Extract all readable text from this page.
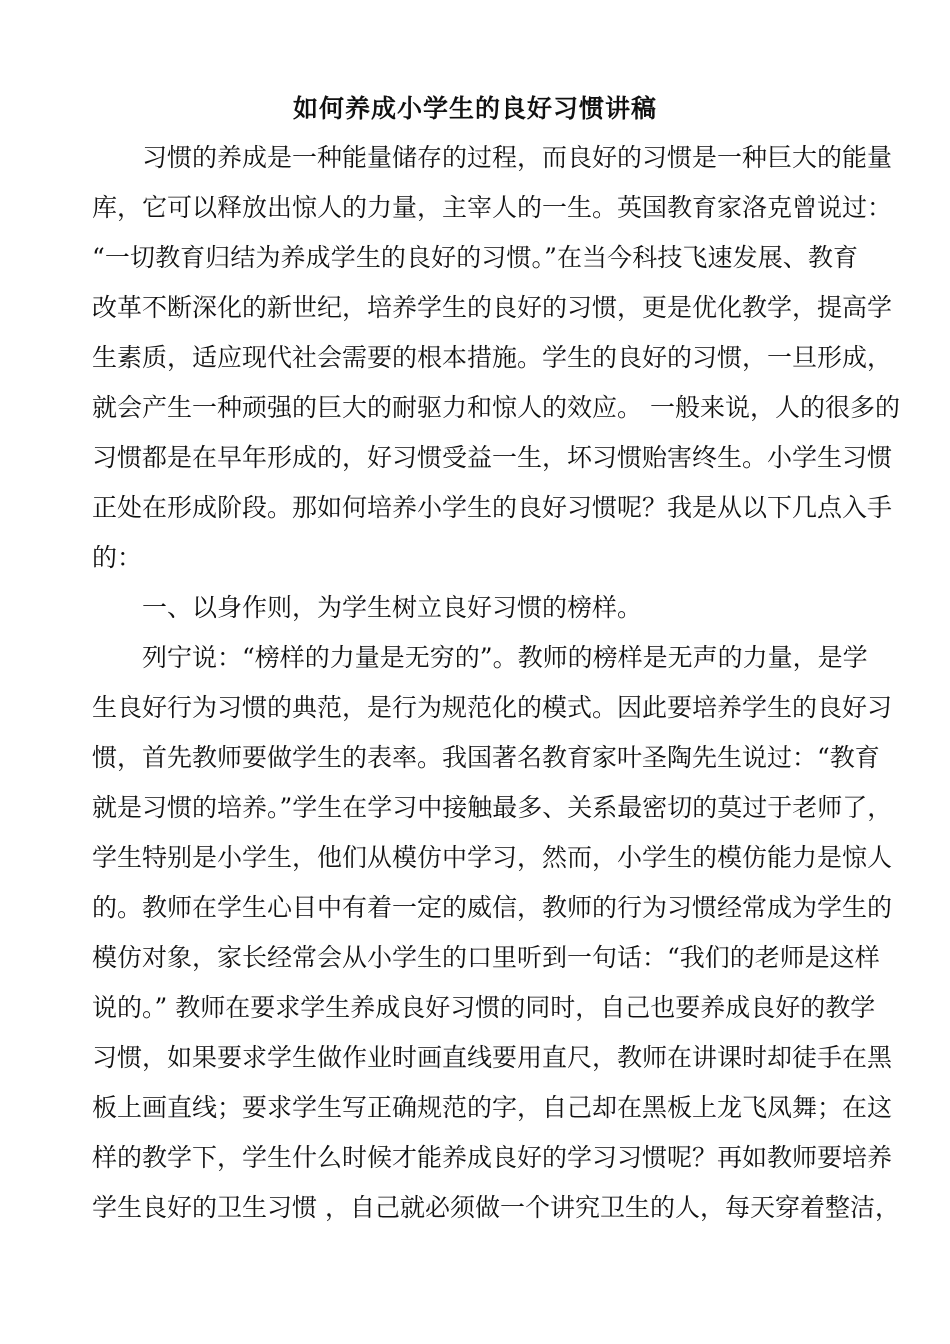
如何养成小学生的良好习惯讲稿

习惯的养成是一种能量储存的过程，而良好的习惯是一种巨大的能量

库，它可以释放出惊人的力量，主宰人的一生。英国教育家洛克曾说过：

“一切教育归结为养成学生的良好的习惯。”在当今科技飞速发展、教育

改革不断深化的新世纪，培养学生的良好的习惯，更是优化教学，提高学

生素质，适应现代社会需要的根本措施。学生的良好的习惯，一旦形成，

就会产生一种顽强的巨大的耐驱力和惊人的效应。 一般来说，人的很多的

习惯都是在早年形成的，好习惯受益一生，坏习惯贻害终生。小学生习惯

正处在形成阶段。那如何培养小学生的良好习惯呢？我是从以下几点入手

的：

一、以身作则，为学生树立良好习惯的榜样。

列宁说：“榜样的力量是无穷的”。教师的榜样是无声的力量，是学

生良好行为习惯的典范，是行为规范化的模式。因此要培养学生的良好习

惯，首先教师要做学生的表率。我国著名教育家叶圣陶先生说过：“教育

就是习惯的培养。”学生在学习中接触最多、关系最密切的莫过于老师了，

学生特别是小学生，他们从模仿中学习，然而，小学生的模仿能力是惊人

的。教师在学生心目中有着一定的威信，教师的行为习惯经常成为学生的

模仿对象，家长经常会从小学生的口里听到一句话：“我们的老师是这样

说的。” 教师在要求学生养成良好习惯的同时，自己也要养成良好的教学

习惯，如果要求学生做作业时画直线要用直尺，教师在讲课时却徒手在黑

板上画直线；要求学生写正确规范的字，自己却在黑板上龙飞凤舞；在这

样的教学下，学生什么时候才能养成良好的学习习惯呢？再如教师要培养

学生良好的卫生习惯 ，自己就必须做一个讲究卫生的人，每天穿着整洁，
